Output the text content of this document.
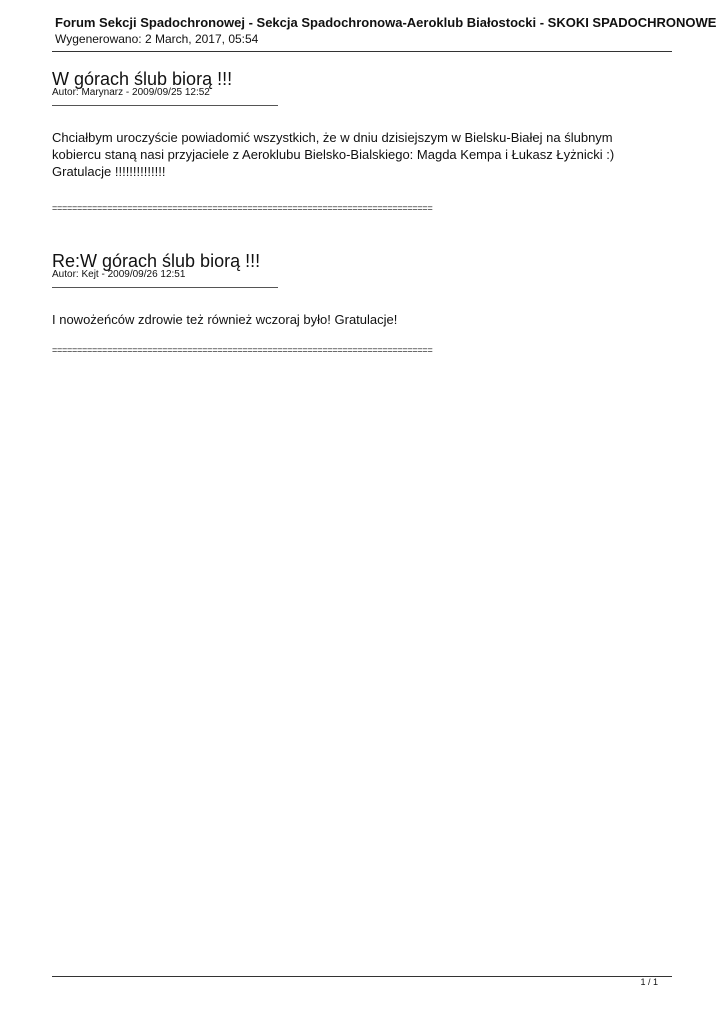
Forum Sekcji Spadochronowej - Sekcja Spadochronowa-Aeroklub Białostocki - SKOKI SPADOCHRONOWE
Wygenerowano: 2 March, 2017, 05:54
W górach ślub biorą !!!
Autor: Marynarz - 2009/09/25 12:52

Chciałbym uroczyście powiadomić wszystkich, że w dniu dzisiejszym w Bielsku-Białej na ślubnym kobiercu staną nasi przyjaciele z Aeroklubu Bielsko-Bialskiego: Magda Kempa i Łukasz Łyżnicki :)

Gratulacje !!!!!!!!!!!!!!

============================================================================
Re:W górach ślub biorą !!!
Autor: Kejt - 2009/09/26 12:51

I nowożeńców zdrowie też również wczoraj było! Gratulacje!

============================================================================
1 / 1
